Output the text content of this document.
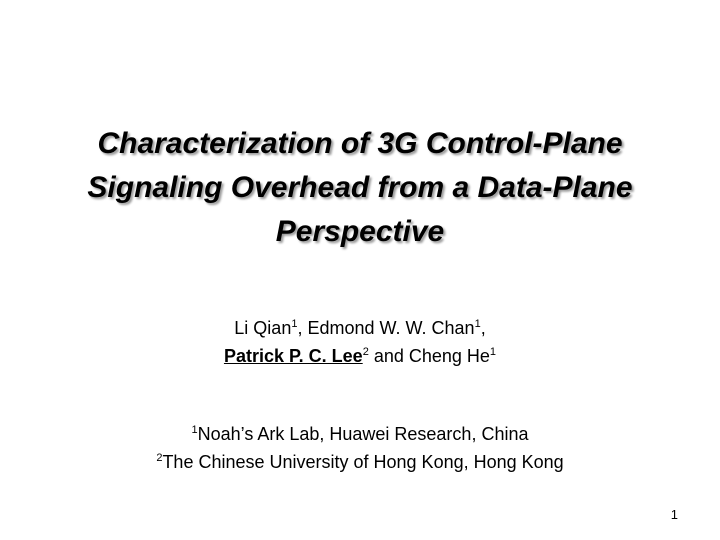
Characterization of 3G Control-Plane
Signaling Overhead from a Data-Plane
Perspective
Li Qian$^1$, Edmond W. W. Chan$^1$,
Patrick P. C. Lee$^2$ and Cheng He$^1$
$^1$Noah’s Ark Lab, Huawei Research, China
$^2$The Chinese University of Hong Kong, Hong Kong
1
